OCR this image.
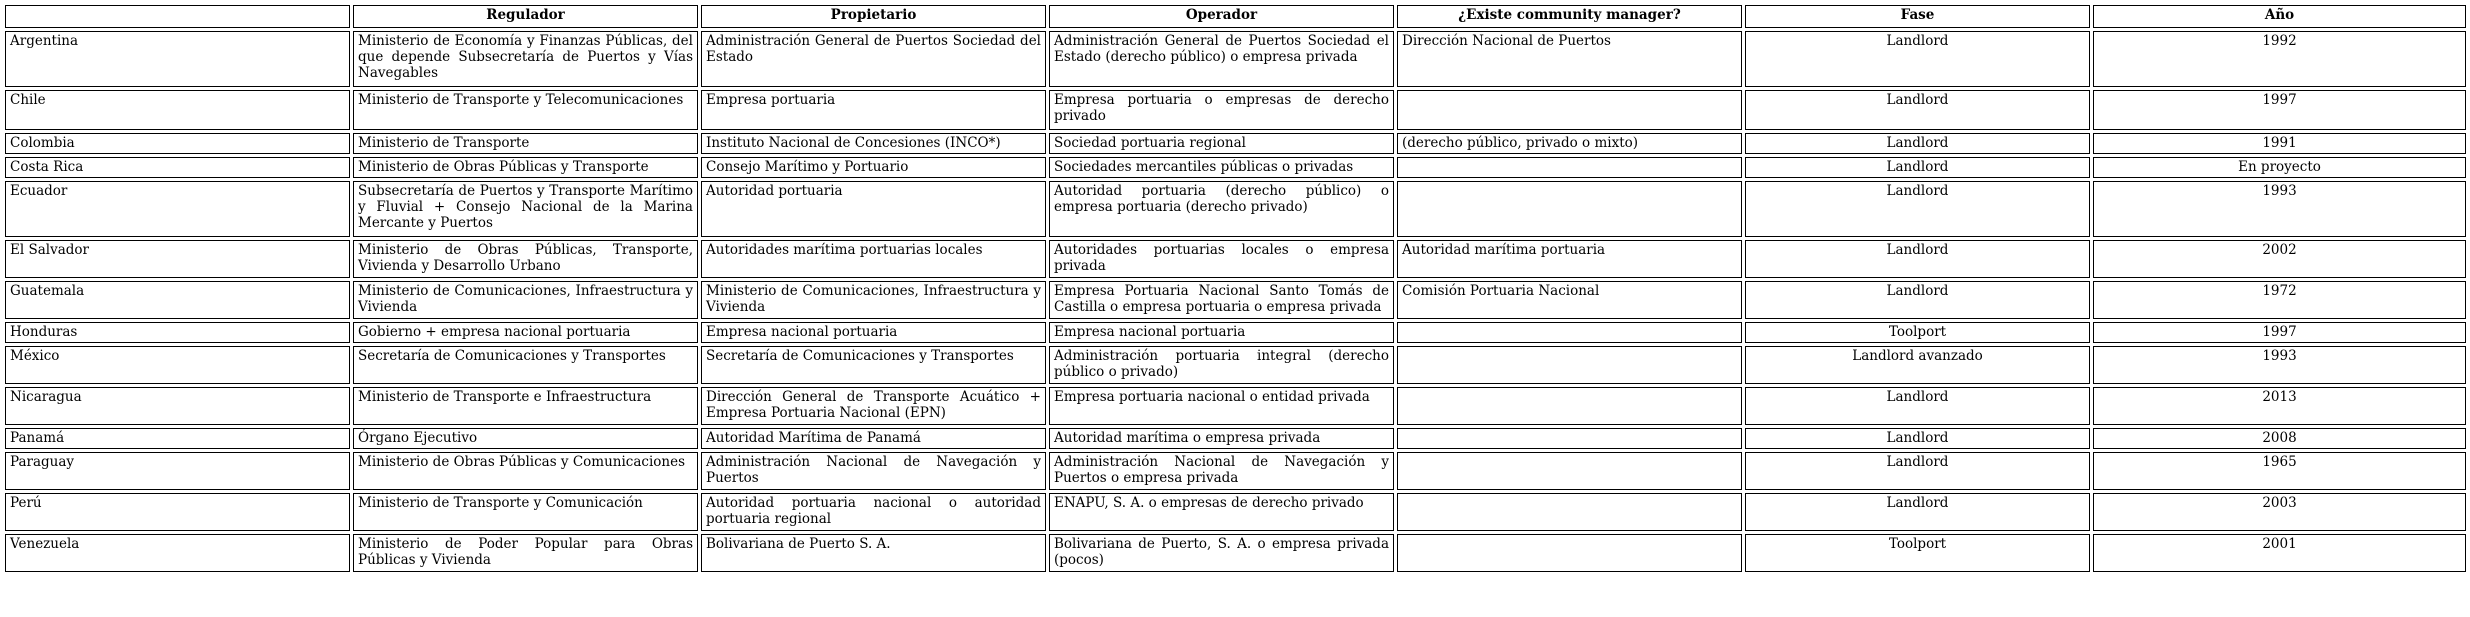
	Regulador	Propietario	Operador	¿Existe community manager?	Fase	Año
Argentina	Ministerio de Economía y Finanzas Públicas, del que depende Subsecretaría de Puertos y Vías Navegables	Administración General de Puertos Sociedad del Estado	Administración General de Puertos Sociedad el Estado (derecho público) o empresa privada	Dirección Nacional de Puertos	Landlord	1992
Chile	Ministerio de Transporte y Telecomunicaciones	Empresa portuaria	Empresa portuaria o empresas de derecho privado		Landlord	1997
Colombia	Ministerio de Transporte	Instituto Nacional de Concesiones (INCO*)	Sociedad portuaria regional	(derecho público, privado o mixto)	Landlord	1991
Costa Rica	Ministerio de Obras Públicas y Transporte	Consejo Marítimo y Portuario	Sociedades mercantiles públicas o privadas		Landlord	En proyecto
Ecuador	Subsecretaría de Puertos y Transporte Marítimo y Fluvial + Consejo Nacional de la Marina Mercante y Puertos	Autoridad portuaria	Autoridad portuaria (derecho público) o empresa portuaria (derecho privado)		Landlord	1993
El Salvador	Ministerio de Obras Públicas, Transporte, Vivienda y Desarrollo Urbano	Autoridades marítima portuarias locales	Autoridades portuarias locales o empresa privada	Autoridad marítima portuaria	Landlord	2002
Guatemala	Ministerio de Comunicaciones, Infraestructura y Vivienda	Ministerio de Comunicaciones, Infraestructura y Vivienda	Empresa Portuaria Nacional Santo Tomás de Castilla o empresa portuaria o empresa privada	Comisión Portuaria Nacional	Landlord	1972
Honduras	Gobierno + empresa nacional portuaria	Empresa nacional portuaria	Empresa nacional portuaria		Toolport	1997
México	Secretaría de Comunicaciones y Transportes	Secretaría de Comunicaciones y Transportes	Administración portuaria integral (derecho público o privado)		Landlord avanzado	1993
Nicaragua	Ministerio de Transporte e Infraestructura	Dirección General de Transporte Acuático + Empresa Portuaria Nacional (EPN)	Empresa portuaria nacional o entidad privada		Landlord	2013
Panamá	Órgano Ejecutivo	Autoridad Marítima de Panamá	Autoridad marítima o empresa privada		Landlord	2008
Paraguay	Ministerio de Obras Públicas y Comunicaciones	Administración Nacional de Navegación y Puertos	Administración Nacional de Navegación y Puertos o empresa privada		Landlord	1965
Perú	Ministerio de Transporte y Comunicación	Autoridad portuaria nacional o autoridad portuaria regional	ENAPU, S. A. o empresas de derecho privado		Landlord	2003
Venezuela	Ministerio de Poder Popular para Obras Públicas y Vivienda	Bolivariana de Puerto S. A.	Bolivariana de Puerto, S. A. o empresa privada (pocos)		Toolport	2001
